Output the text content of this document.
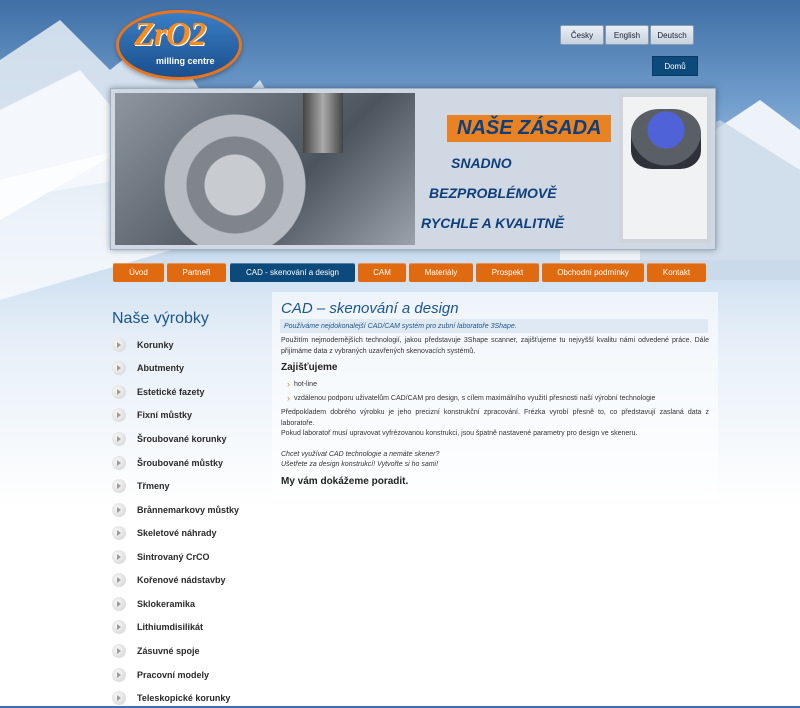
ZrO2
milling centre
Česky	English	Deutsch
Domů
NAŠE ZÁSADA
SNADNO
BEZPROBLÉMOVĚ
RYCHLE A KVALITNĚ
Úvod	Partneři	CAD - skenování a design	CAM	Materiály	Prospekt	Obchodní podmínky	Kontakt
Naše výrobky
Korunky
Abutmenty
Estetické fazety
Fixní můstky
Šroubované korunky
Šroubované můstky
Třmeny
Brånnemarkovy můstky
Skeletové náhrady
Sintrovaný CrCO
Kořenové nádstavby
Sklokeramika
Lithiumdisilikát
Zásuvné spoje
Pracovní modely
Teleskopické korunky
CAD – skenování a design
Používáme nejdokonalejší CAD/CAM systém pro zubní laboratoře 3Shape.
Použitím nejmodernějších technologií, jakou představuje 3Shape scanner, zajišťujeme tu nejvyšší kvalitu námi odvedené práce. Dále přijímáme data z vybraných uzavřených skenovacích systémů.
Zajišťujeme
› hot-line
› vzdálenou podporu uživatelům CAD/CAM pro design, s cílem maximálního využití přesnosti naší výrobní technologie
Předpokladem dobrého výrobku je jeho precizní konstrukční zpracování. Frézka vyrobí přesně to, co představují zaslaná data z laboratoře.
Pokud laboratoř musí upravovat vyfrézovanou konstrukci, jsou špatně nastavené parametry pro design ve skeneru.
Chcet využívat CAD technologie a nemáte skener?
Ušetřete za design konstrukcí! Vytvořte si ho sami!
My vám dokážeme poradit.
